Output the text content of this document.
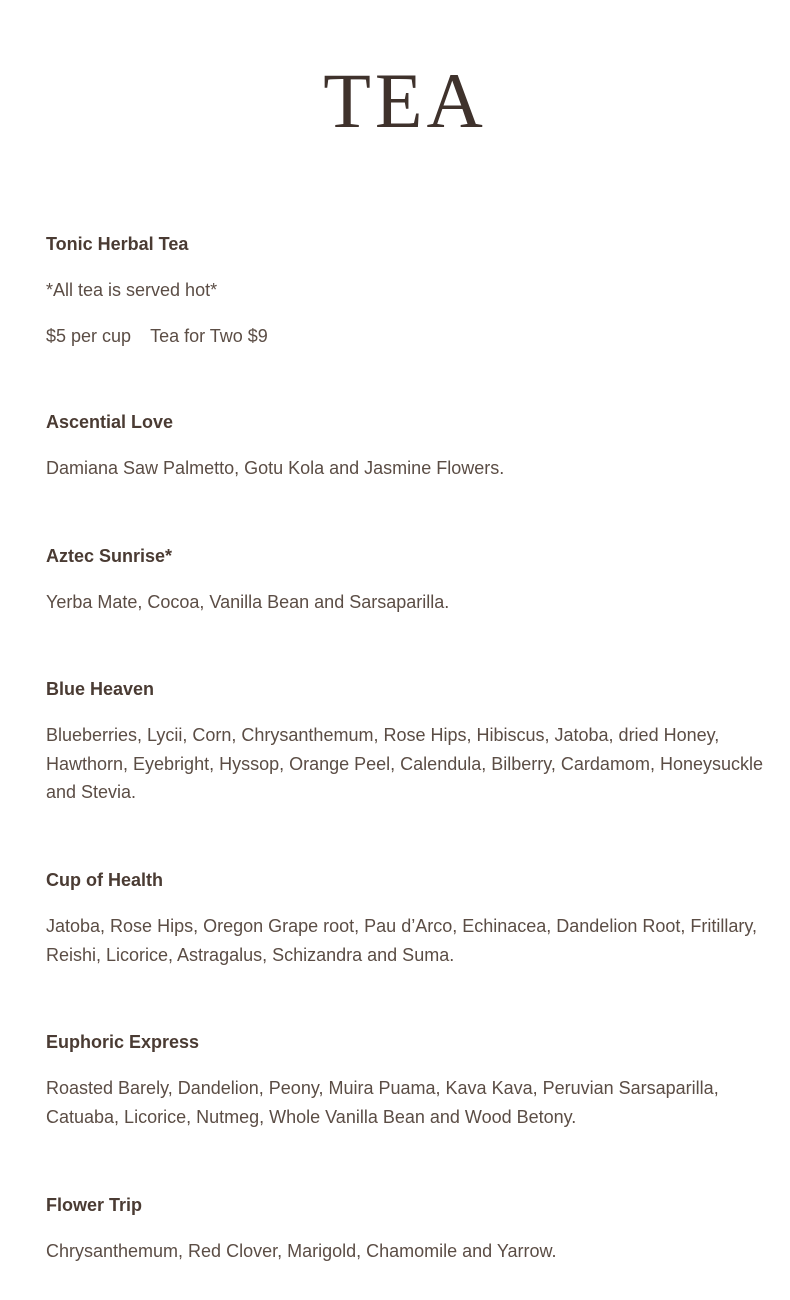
TEA
Tonic Herbal Tea

*All tea is served hot*

$5 per cup Tea for Two $9
Ascential Love

Damiana Saw Palmetto, Gotu Kola and Jasmine Flowers.

Aztec Sunrise*

Yerba Mate, Cocoa, Vanilla Bean and Sarsaparilla.

Blue Heaven

Blueberries, Lycii, Corn, Chrysanthemum, Rose Hips, Hibiscus, Jatoba, dried Honey, Hawthorn, Eyebright, Hyssop, Orange Peel, Calendula, Bilberry, Cardamom, Honeysuckle and Stevia.

Cup of Health

Jatoba, Rose Hips, Oregon Grape root, Pau d’Arco, Echinacea, Dandelion Root, Fritillary, Reishi, Licorice, Astragalus, Schizandra and Suma.

Euphoric Express

Roasted Barely, Dandelion, Peony, Muira Puama, Kava Kava, Peruvian Sarsaparilla, Catuaba, Licorice, Nutmeg, Whole Vanilla Bean and Wood Betony.

Flower Trip

Chrysanthemum, Red Clover, Marigold, Chamomile and Yarrow.
